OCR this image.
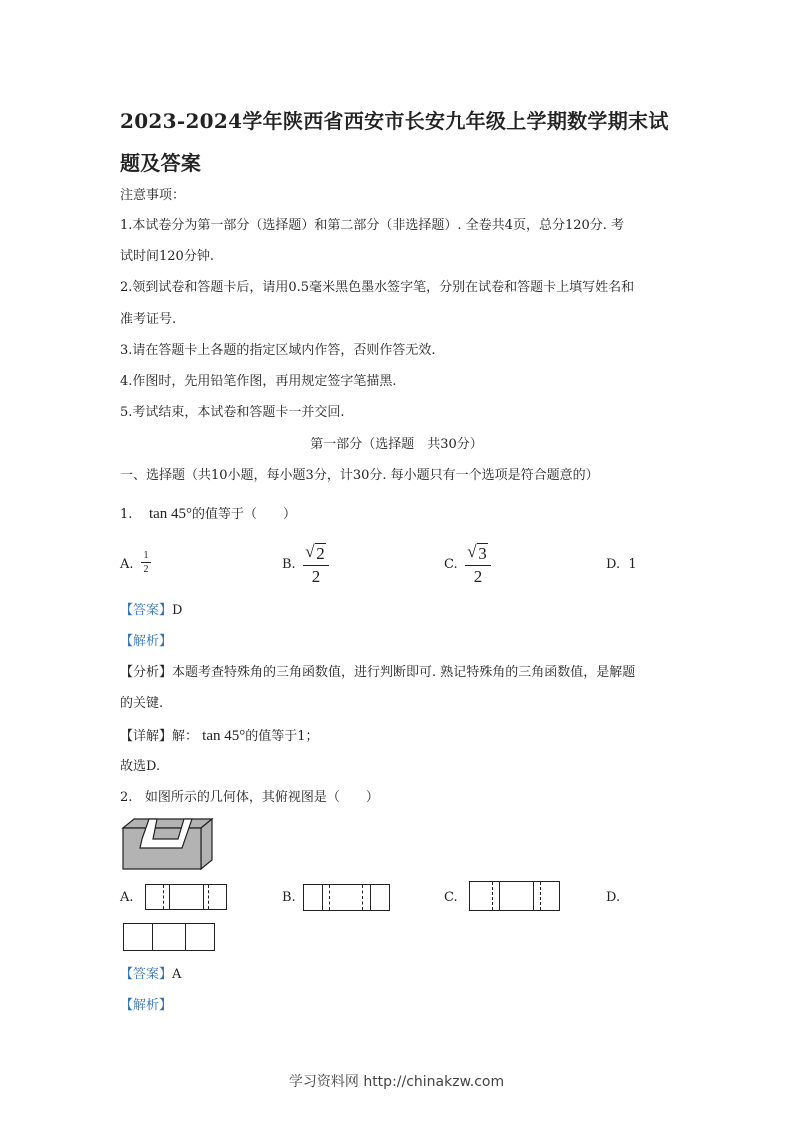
2023-2024学年陕西省西安市长安九年级上学期数学期末试题及答案
注意事项：
1.本试卷分为第一部分（选择题）和第二部分（非选择题）. 全卷共4页，总分120分. 考
试时间120分钟.
2.领到试卷和答题卡后，请用0.5毫米黑色墨水签字笔，分别在试卷和答题卡上填写姓名和
准考证号.
3.请在答题卡上各题的指定区域内作答，否则作答无效.
4.作图时，先用铅笔作图，再用规定签字笔描黑.
5.考试结束，本试卷和答题卡一并交回.
第一部分（选择题　共30分）
一、选择题（共10小题，每小题3分，计30分. 每小题只有一个选项是符合题意的）
1. tan 45°的值等于（　　）
A.
1
2	B.
√ 2
2
C.
√ 3
2
D. 1
【答案】D
【解析】
【分析】本题考查特殊角的三角函数值，进行判断即可. 熟记特殊角的三角函数值，是解题
的关键.
【详解】解： tan 45°的值等于1；
故选D.
2. 如图所示的几何体，其俯视图是（　　）
A.	B.	C.	D.
【答案】A
【解析】
学习资料网 http://chinakzw.com
